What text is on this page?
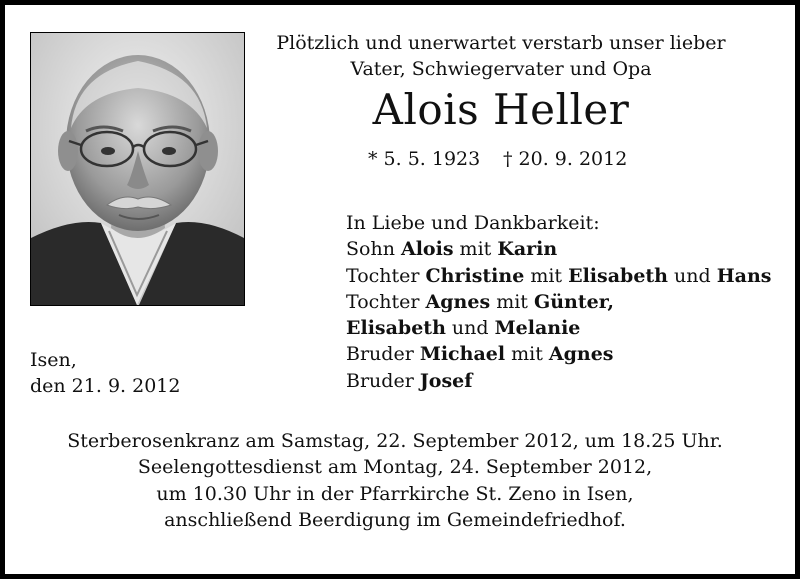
Plötzlich und unerwartet verstarb unser lieber
Vater, Schwiegervater und Opa
Alois Heller
* 5. 5. 1923 † 20. 9. 2012
In Liebe und Dankbarkeit:
Sohn Alois mit Karin
Tochter Christine mit Elisabeth und Hans
Tochter Agnes mit Günter,
Elisabeth und Melanie
Bruder Michael mit Agnes
Bruder Josef
Isen,
den 21. 9. 2012
Sterberosenkranz am Samstag, 22. September 2012, um 18.25 Uhr.
Seelengottesdienst am Montag, 24. September 2012,
um 10.30 Uhr in der Pfarrkirche St. Zeno in Isen,
anschließend Beerdigung im Gemeindefriedhof.
